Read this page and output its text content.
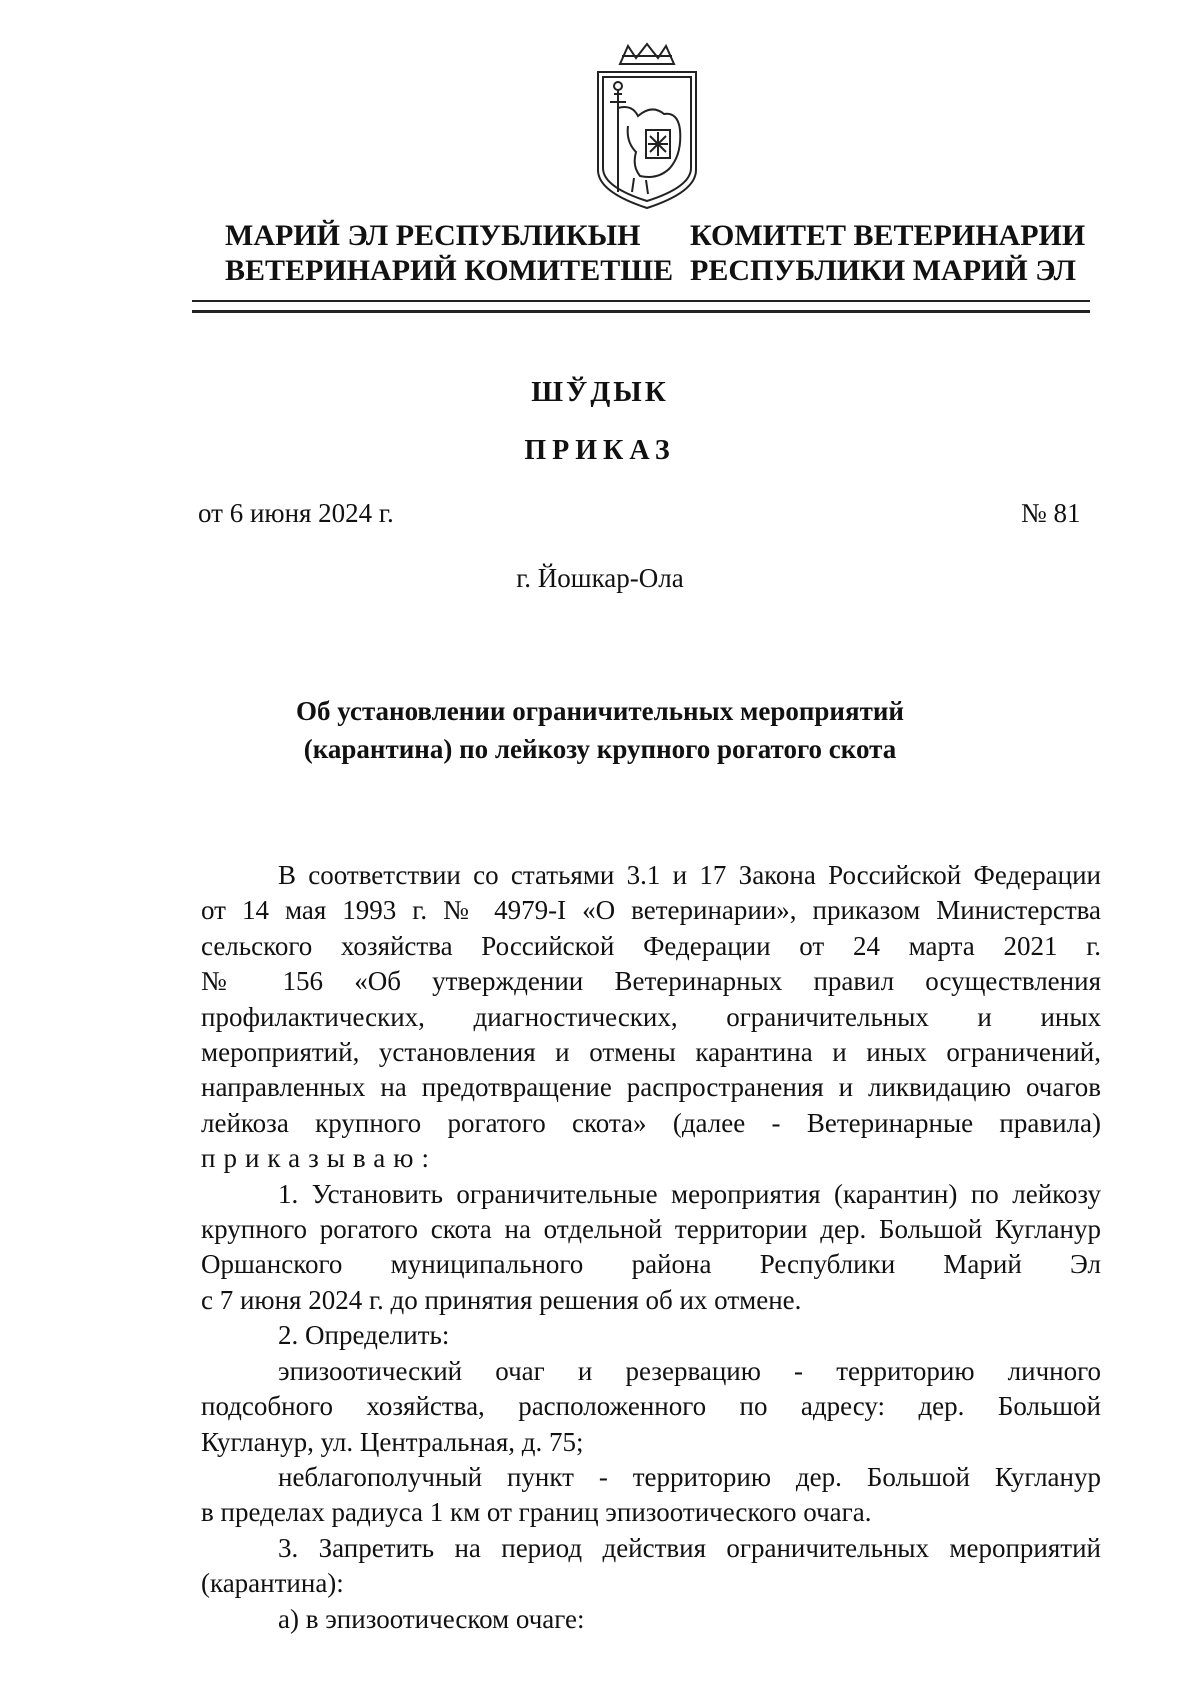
МАРИЙ ЭЛ РЕСПУБЛИКЫН
ВЕТЕРИНАРИЙ КОМИТЕТШЕ

КОМИТЕТ ВЕТЕРИНАРИИ
РЕСПУБЛИКИ МАРИЙ ЭЛ

ШЎДЫК

ПРИКАЗ

от 6 июня 2024 г.	№ 81

г. Йошкар-Ола

Об установлении ограничительных мероприятий
(карантина) по лейкозу крупного рогатого скота

В соответствии со статьями 3.1 и 17 Закона Российской Федерации
от 14 мая 1993 г. № 4979-I «О ветеринарии», приказом Министерства
сельского хозяйства Российской Федерации от 24 марта 2021 г.
№ 156 «Об утверждении Ветеринарных правил осуществления
профилактических, диагностических, ограничительных и иных
мероприятий, установления и отмены карантина и иных ограничений,
направленных на предотвращение распространения и ликвидацию очагов
лейкоза крупного рогатого скота» (далее - Ветеринарные правила)
приказываю:
1. Установить ограничительные мероприятия (карантин) по лейкозу
крупного рогатого скота на отдельной территории дер. Большой Кугланур
Оршанского муниципального района Республики Марий Эл
с 7 июня 2024 г. до принятия решения об их отмене.
2. Определить:
эпизоотический очаг и резервацию - территорию личного
подсобного хозяйства, расположенного по адресу: дер. Большой
Кугланур, ул. Центральная, д. 75;
неблагополучный пункт - территорию дер. Большой Кугланур
в пределах радиуса 1 км от границ эпизоотического очага.
3. Запретить на период действия ограничительных мероприятий
(карантина):
а) в эпизоотическом очаге:
